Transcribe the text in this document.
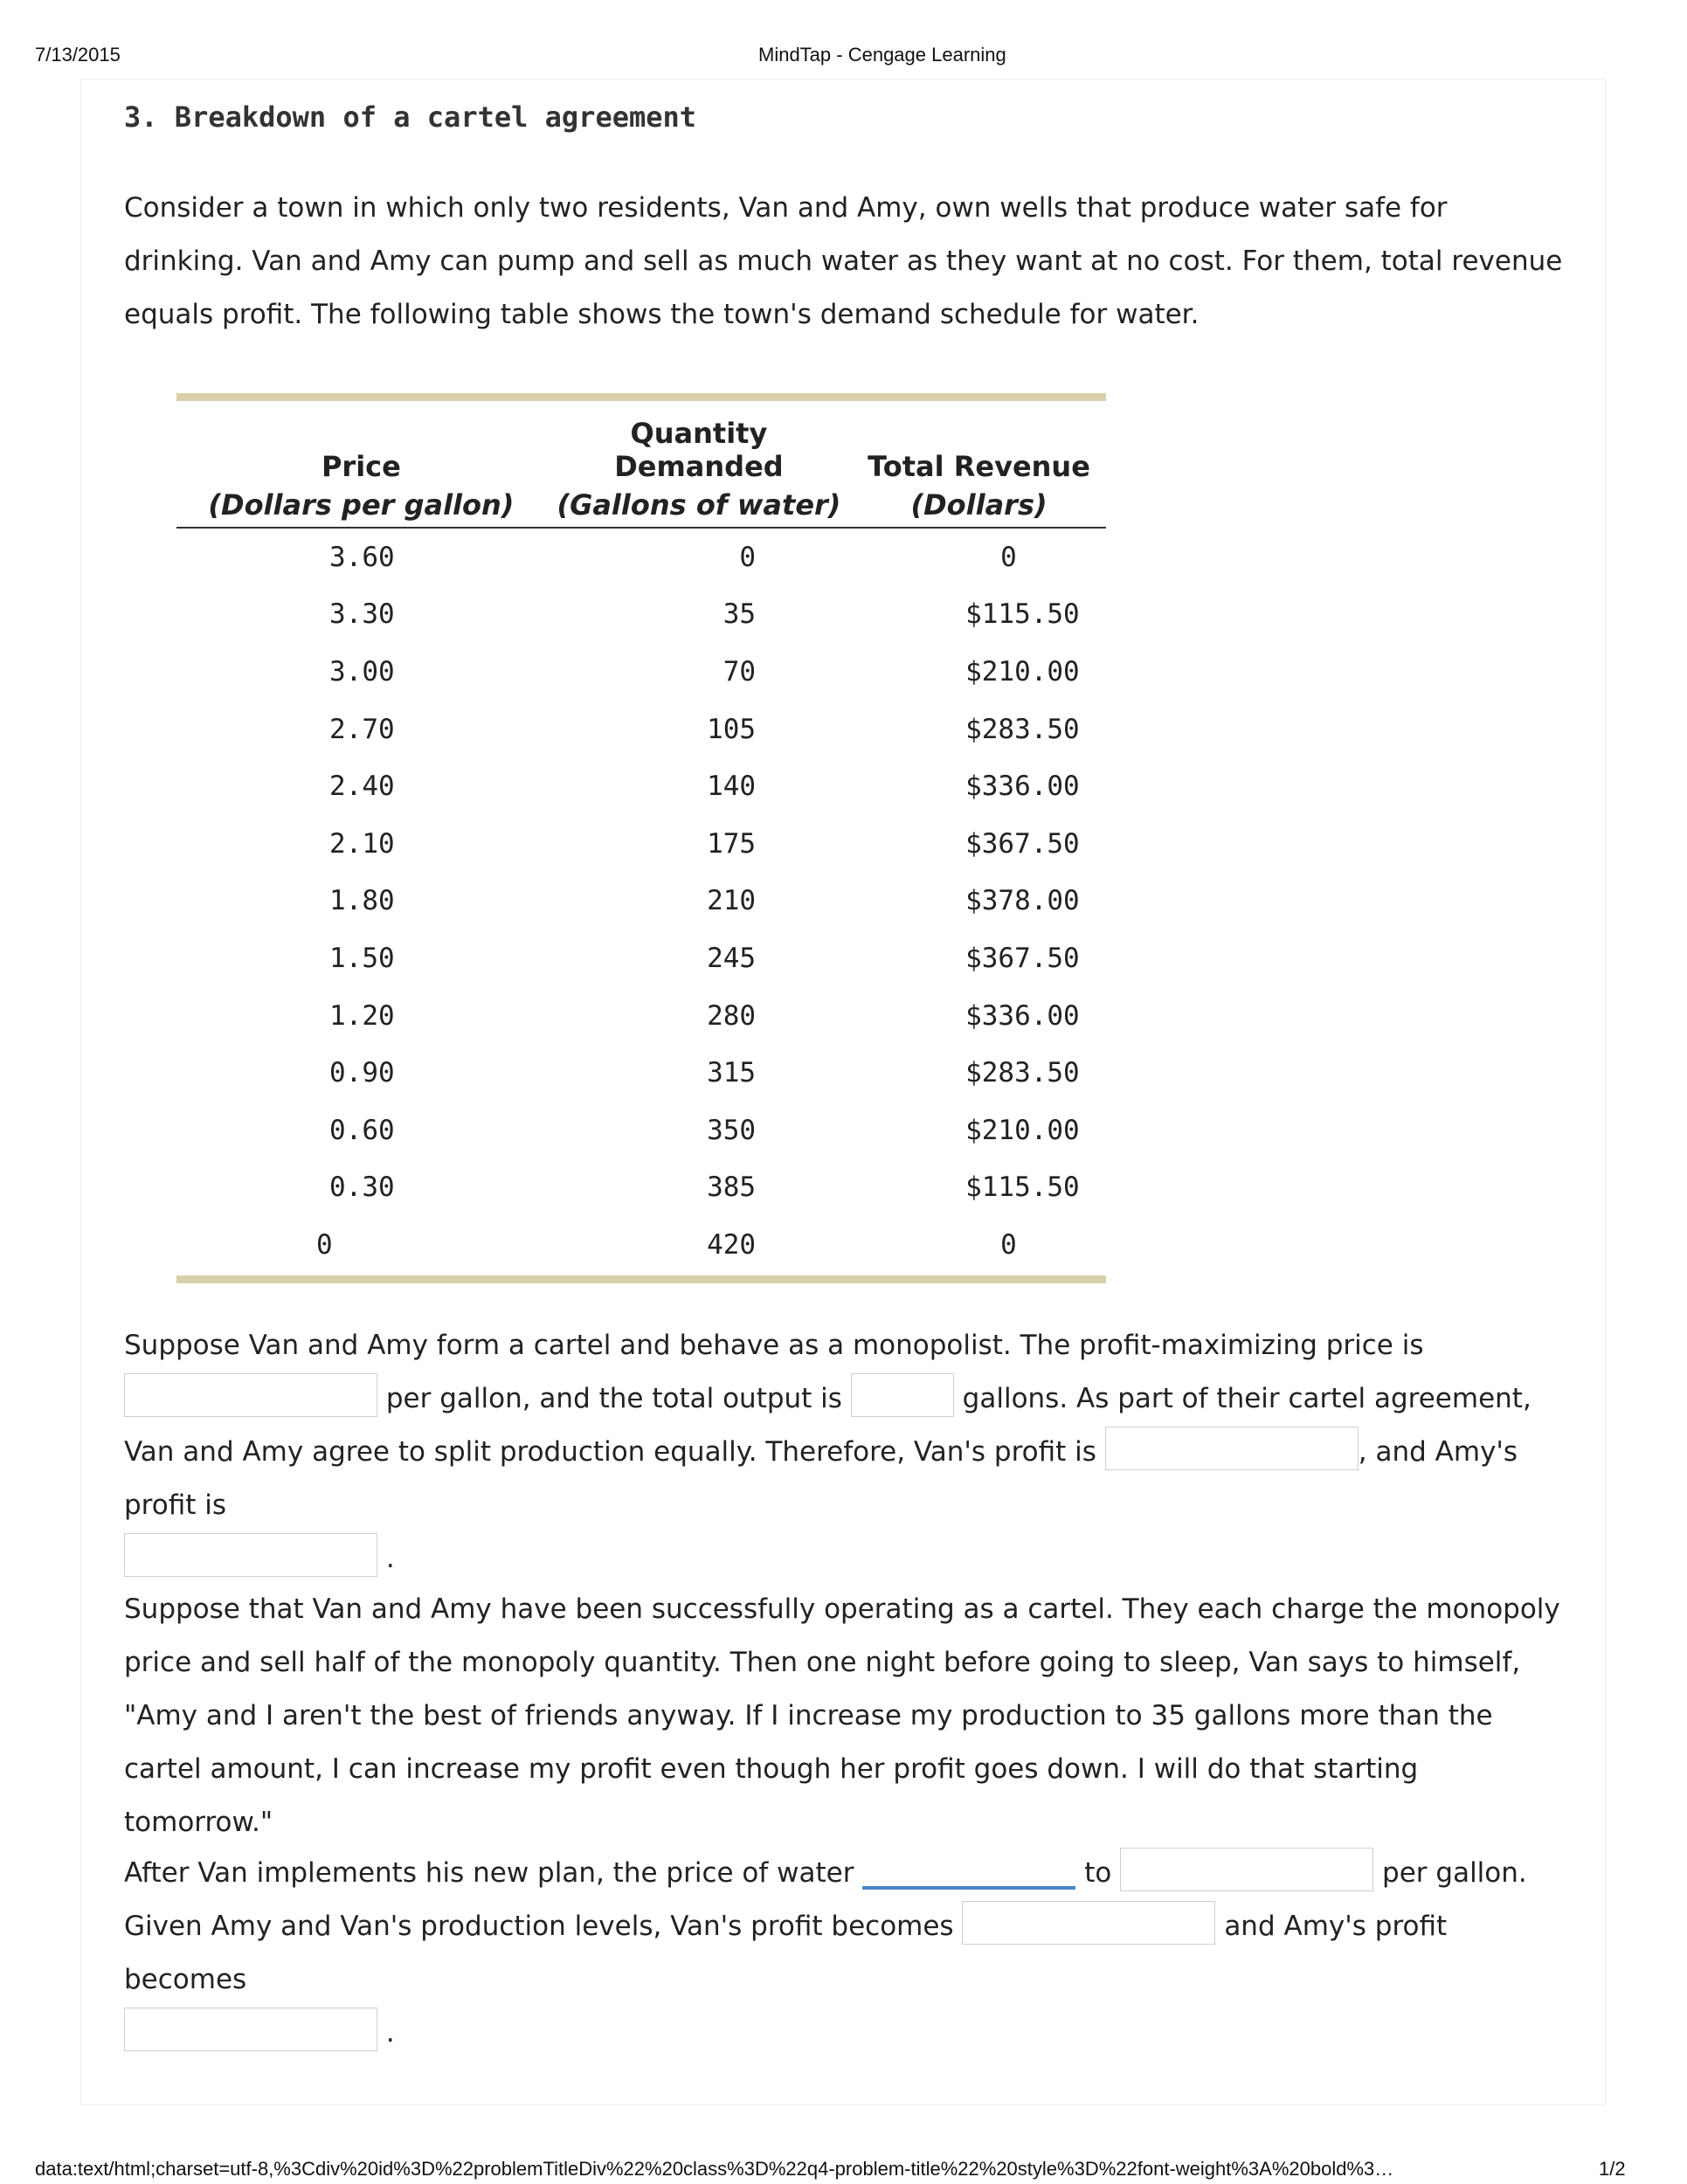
7/13/2015	MindTap - Cengage Learning
3. Breakdown of a cartel agreement

Consider a town in which only two residents, Van and Amy, own wells that produce water safe for drinking. Van and Amy can pump and sell as much water as they want at no cost. For them, total revenue equals profit. The following table shows the town's demand schedule for water.

Price	Quantity Demanded	Total Revenue
(Dollars per gallon)	(Gallons of water)	(Dollars)
3.60	0	0
3.30	35	$115.50
3.00	70	$210.00
2.70	105	$283.50
2.40	140	$336.00
2.10	175	$367.50
1.80	210	$378.00
1.50	245	$367.50
1.20	280	$336.00
0.90	315	$283.50
0.60	350	$210.00
0.30	385	$115.50
0	420	0

Suppose Van and Amy form a cartel and behave as a monopolist. The profit-maximizing price is
per gallon, and the total output is	gallons. As part of their cartel agreement, Van and Amy agree to split production equally. Therefore, Van's profit is	, and Amy's profit is
.

Suppose that Van and Amy have been successfully operating as a cartel. They each charge the monopoly price and sell half of the monopoly quantity. Then one night before going to sleep, Van says to himself, "Amy and I aren't the best of friends anyway. If I increase my production to 35 gallons more than the cartel amount, I can increase my profit even though her profit goes down. I will do that starting tomorrow."

After Van implements his new plan, the price of water	to	per gallon. Given Amy and Van's production levels, Van's profit becomes	and Amy's profit becomes
.

data:text/html;charset=utf-8,%3Cdiv%20id%3D%22problemTitleDiv%22%20class%3D%22q4-problem-title%22%20style%3D%22font-weight%3A%20bold%3…	1/2
